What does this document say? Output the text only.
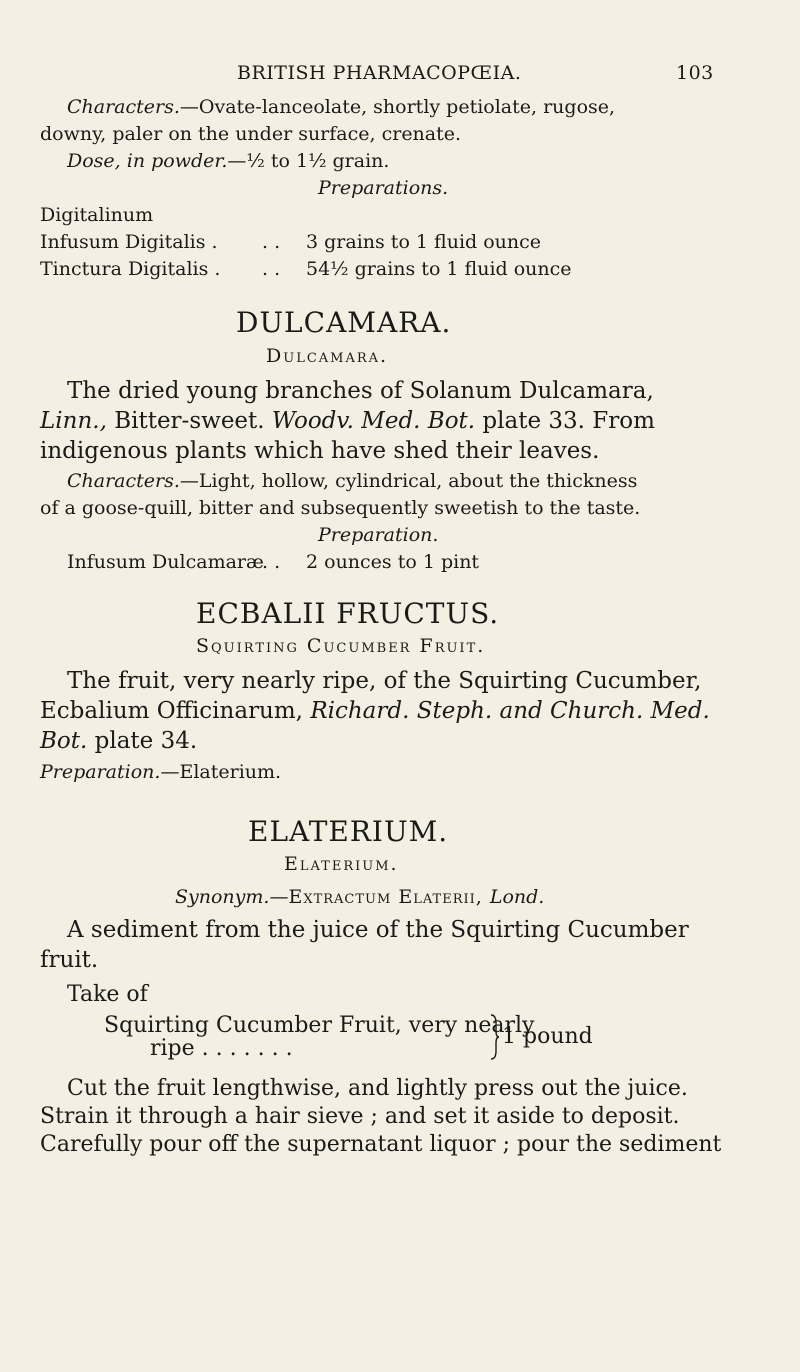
BRITISH PHARMACOPŒIA.	103
Characters.—Ovate-lanceolate, shortly petiolate, rugose,
downy, paler on the under surface, crenate.
Dose, in powder.—½ to 1½ grain.
Preparations.
Digitalinum
Infusum Digitalis . . . 3 grains to 1 fluid ounce
Tinctura Digitalis . . . 54½ grains to 1 fluid ounce
DULCAMARA.
Dulcamara.
The dried young branches of Solanum Dulcamara,
Linn., Bitter-sweet. Woodv. Med. Bot. plate 33. From
indigenous plants which have shed their leaves.
Characters.—Light, hollow, cylindrical, about the thickness
of a goose-quill, bitter and subsequently sweetish to the taste.
Preparation.
Infusum Dulcamaræ
. . 2 ounces to 1 pint
ECBALII FRUCTUS.
Squirting Cucumber Fruit.
The fruit, very nearly ripe, of the Squirting Cucumber,
Ecbalium Officinarum, Richard. Steph. and Church. Med.
Bot. plate 34.
Preparation.—Elaterium.
ELATERIUM.
Elaterium.
Synonym.—Extractum Elaterii, Lond.
A sediment from the juice of the Squirting Cucumber
fruit.
Take of
Squirting Cucumber Fruit, very nearly
ripe . . . . . . .	1 pound
Cut the fruit lengthwise, and lightly press out the juice.
Strain it through a hair sieve ; and set it aside to deposit.
Carefully pour off the supernatant liquor ; pour the sediment
